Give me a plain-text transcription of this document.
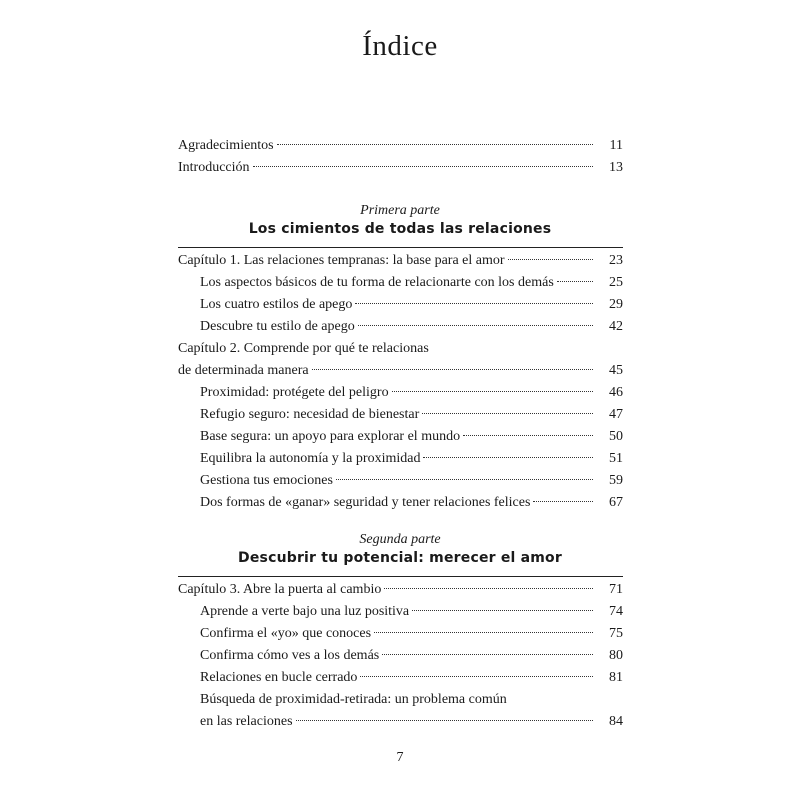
Índice
Agradecimientos	11
Introducción	13
Primera parte
Los cimientos de todas las relaciones
Capítulo 1. Las relaciones tempranas: la base para el amor	23
Los aspectos básicos de tu forma de relacionarte con los demás	25
Los cuatro estilos de apego	29
Descubre tu estilo de apego	42
Capítulo 2. Comprende por qué te relacionas
de determinada manera	45
Proximidad: protégete del peligro	46
Refugio seguro: necesidad de bienestar	47
Base segura: un apoyo para explorar el mundo	50
Equilibra la autonomía y la proximidad	51
Gestiona tus emociones	59
Dos formas de «ganar» seguridad y tener relaciones felices	67
Segunda parte
Descubrir tu potencial: merecer el amor
Capítulo 3. Abre la puerta al cambio	71
Aprende a verte bajo una luz positiva	74
Confirma el «yo» que conoces	75
Confirma cómo ves a los demás	80
Relaciones en bucle cerrado	81
Búsqueda de proximidad-retirada: un problema común
en las relaciones	84
7
